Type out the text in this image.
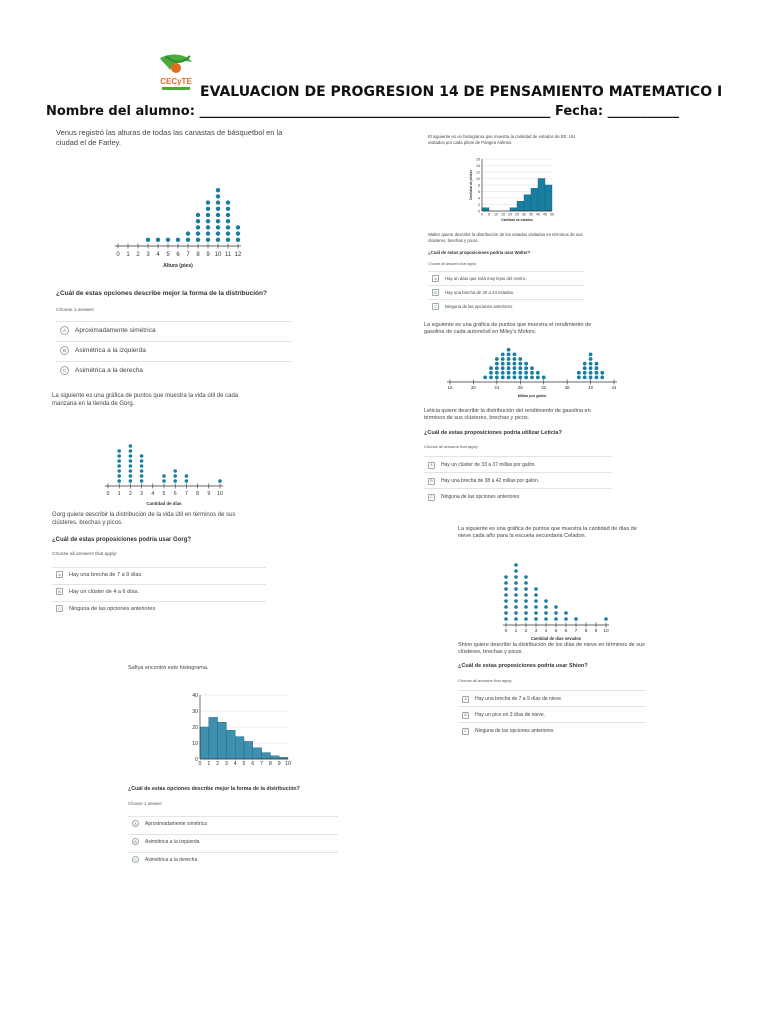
CECyTE
EVALUACION DE PROGRESION 14 DE PENSAMIENTO MATEMATICO I
Nombre del alumno: ______________________________________________________ Fecha: ___________
Venus registró las alturas de todas las canastas de básquetbol en la ciudad el de Farley.
0 1 2 3 4 5 6 7 8 9 10 11 12
Altura (pies)
¿Cuál de estas opciones describe mejor la forma de la distribución?
Choose 1 answer:
A	Aproximadamente simétrica
B	Asimétrica a la izquierda
C	Asimétrica a la derecha
La siguiente es una gráfica de puntos que muestra la vida útil de cada manzana en la tienda de Gorg.
0 1 2 3 4 5 6 7 8 9 10
Cantidad de días
Gorg quiere describir la distribución de la vida útil en términos de sus clústeres, brechas y picos.
¿Cuál de estas proposiciones podría usar Gorg?
Choose all answers that apply:
A	Hay una brecha de 7 a 9 días.
B	Hay un clúster de 4 a 6 días.
C	Ninguna de las opciones anteriores
Safiya encontró este histograma.
0
10
20
30
40
0 1 2 3 4 5 6 7 8 9 10
¿Cuál de estas opciones describe mejor la forma de la distribución?
Choose 1 answer:
A	Aproximadamente simétrica
B	Asimétrica a la izquierda
C	Asimétrica a la derecha
El siguiente es un histograma que muestra la cantidad de estados de EE. UU. visitados por cada piloto de Pangea Airlines.
0
2
4
6
8
10
12
14
16
0 5 10 15 20 25 30 35 40 45 50
Cantidad de estados
Cantidad de pilotos
Walter quiere describir la distribución de los estados visitados en términos de sus clústeres, brechas y picos.
¿Cuál de estas proposiciones podría usar Walter?
Choose all answers that apply:
A	Hay un dato que está muy lejos del centro.
B	Hay una brecha de 20 a 24 estados.
C	Ninguna de las opciones anteriores
La siguiente es una gráfica de puntos que muestra el rendimiento de gasolina de cada automóvil en Miley's Motors.
16	20	24	28	32	36	40	44
Millas por galón
Leticia quiere describir la distribución del rendimiento de gasolina en términos de sus clústeres, brechas y picos.
¿Cuál de estas proposiciones podría utilizar Leticia?
Choose all answers that apply:
A	Hay un clúster de 33 a 37 millas por galón.
B	Hay una brecha de 38 a 42 millas por galón.
C	Ninguna de las opciones anteriores
La siguiente es una gráfica de puntos que muestra la cantidad de días de nieve cada año para la escuela secundaria Celadon.
0 1 2 3 4 5 6 7 8 9 10
Cantidad de días nevados
Shion quiere describir la distribución de los días de nieve en términos de sus clústeres, brechas y picos.
¿Cuál de estas proposiciones podría usar Shion?
Choose all answers that apply:
A	Hay una brecha de 7 a 9 días de nieve.
B	Hay un pico en 3 días de nieve.
C	Ninguna de las opciones anteriores
